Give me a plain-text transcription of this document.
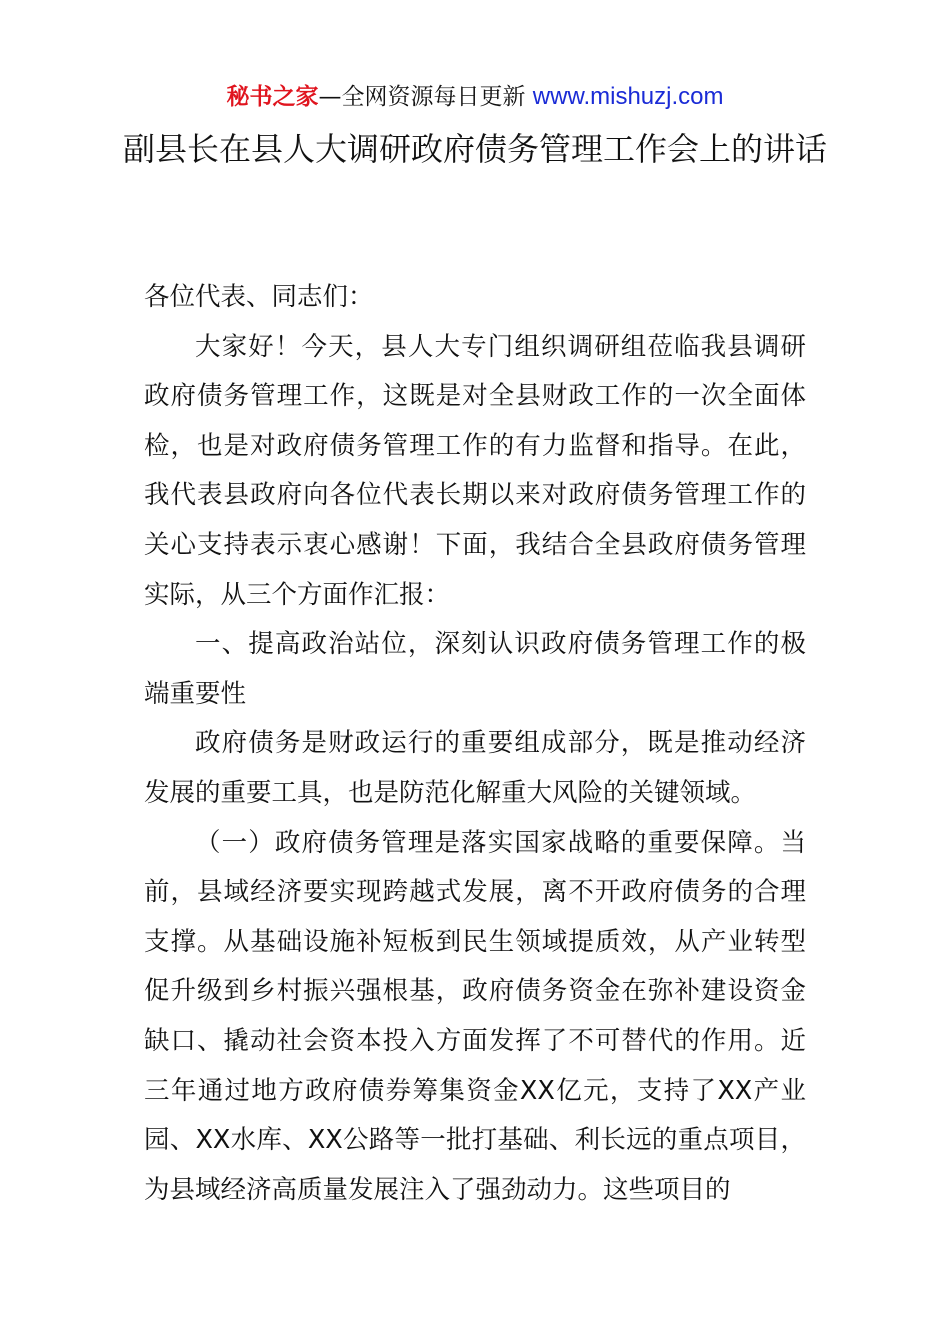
秘书之家—全网资源每日更新 www.mishuzj.com
副县长在县人大调研政府债务管理工作会上的讲话

各位代表、同志们：

大家好！今天，县人大专门组织调研组莅临我县调研政府债务管理工作，这既是对全县财政工作的一次全面体检，也是对政府债务管理工作的有力监督和指导。在此，我代表县政府向各位代表长期以来对政府债务管理工作的关心支持表示衷心感谢！下面，我结合全县政府债务管理实际，从三个方面作汇报：

一、提高政治站位，深刻认识政府债务管理工作的极端重要性

政府债务是财政运行的重要组成部分，既是推动经济发展的重要工具，也是防范化解重大风险的关键领域。

（一）政府债务管理是落实国家战略的重要保障。当前，县域经济要实现跨越式发展，离不开政府债务的合理支撑。从基础设施补短板到民生领域提质效，从产业转型促升级到乡村振兴强根基，政府债务资金在弥补建设资金缺口、撬动社会资本投入方面发挥了不可替代的作用。近三年通过地方政府债券筹集资金XX亿元，支持了XX产业园、XX水库、XX公路等一批打基础、利长远的重点项目，为县域经济高质量发展注入了强劲动力。这些项目的
